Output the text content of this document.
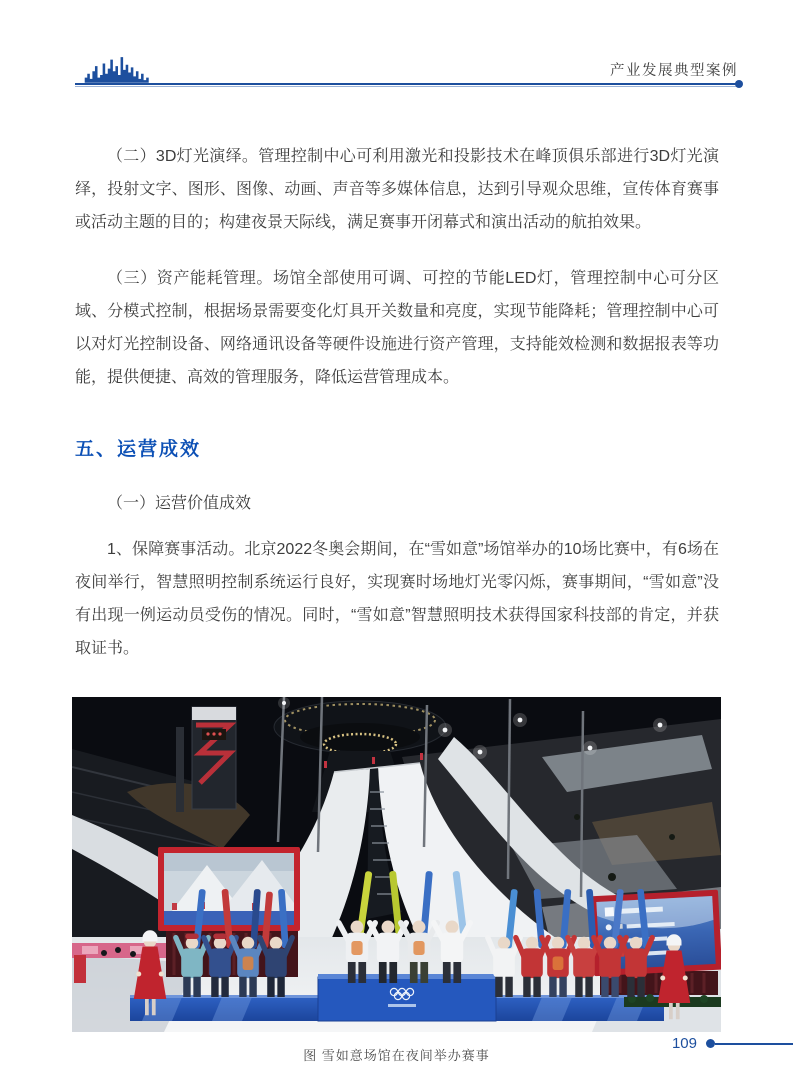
产业发展典型案例

（二）3D灯光演绎。管理控制中心可利用激光和投影技术在峰顶俱乐部进行3D灯光演绎，投射文字、图形、图像、动画、声音等多媒体信息，达到引导观众思维，宣传体育赛事或活动主题的目的；构建夜景天际线，满足赛事开闭幕式和演出活动的航拍效果。

（三）资产能耗管理。场馆全部使用可调、可控的节能LED灯，管理控制中心可分区域、分模式控制，根据场景需要变化灯具开关数量和亮度，实现节能降耗；管理控制中心可以对灯光控制设备、网络通讯设备等硬件设施进行资产管理，支持能效检测和数据报表等功能，提供便捷、高效的管理服务，降低运营管理成本。

五、运营成效
（一）运营价值成效

1、保障赛事活动。北京2022冬奥会期间，在“雪如意”场馆举办的10场比赛中，有6场在夜间举行，智慧照明控制系统运行良好，实现赛时场地灯光零闪烁，赛事期间，“雪如意”没有出现一例运动员受伤的情况。同时，“雪如意”智慧照明技术获得国家科技部的肯定，并获取证书。

图 雪如意场馆在夜间举办赛事
109
